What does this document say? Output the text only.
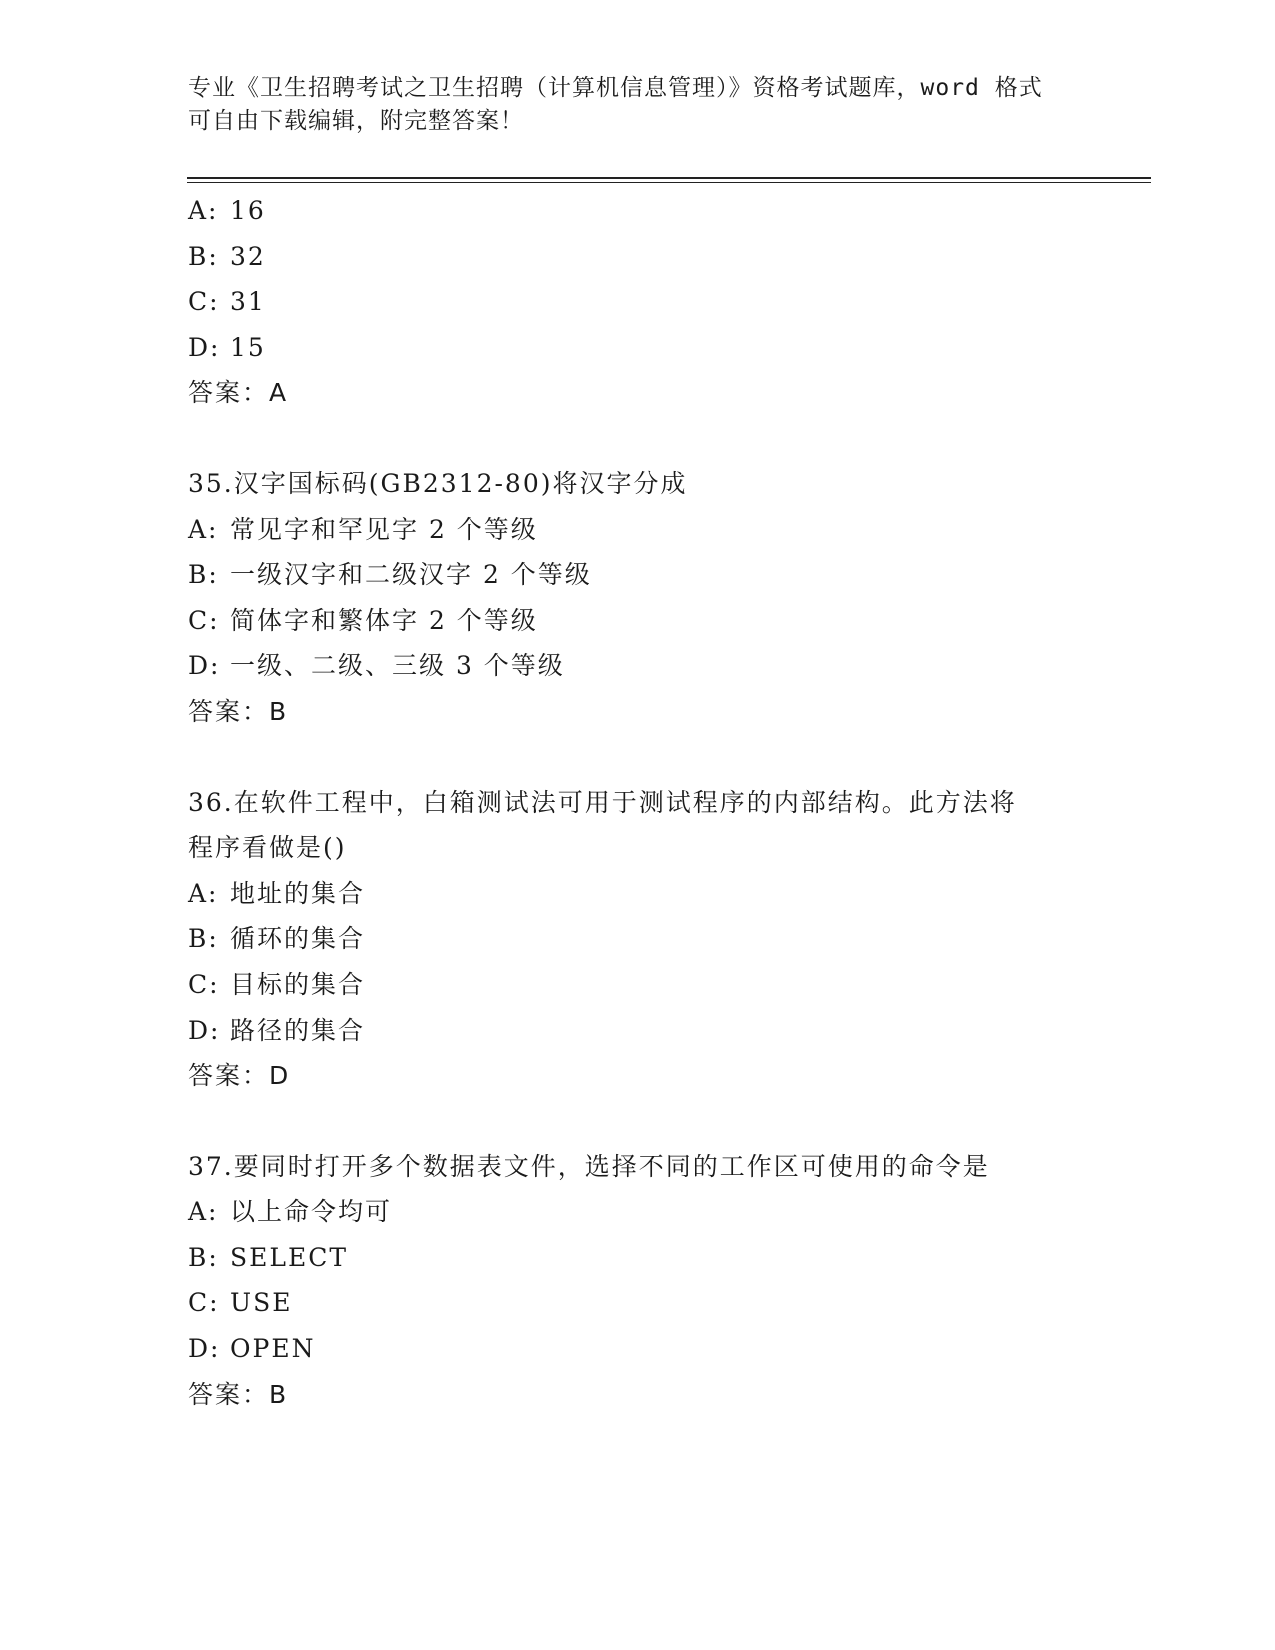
专业《卫生招聘考试之卫生招聘（计算机信息管理）》资格考试题库，word 格式
可自由下载编辑，附完整答案！
A: 16
B: 32
C: 31
D: 15
答案：A
35.汉字国标码(GB2312-80)将汉字分成
A: 常见字和罕见字 2 个等级
B: 一级汉字和二级汉字 2 个等级
C: 简体字和繁体字 2 个等级
D: 一级、二级、三级 3 个等级
答案：B
36.在软件工程中，白箱测试法可用于测试程序的内部结构。此方法将
程序看做是()
A: 地址的集合
B: 循环的集合
C: 目标的集合
D: 路径的集合
答案：D
37.要同时打开多个数据表文件，选择不同的工作区可使用的命令是
A: 以上命令均可
B: SELECT
C: USE
D: OPEN
答案：B
